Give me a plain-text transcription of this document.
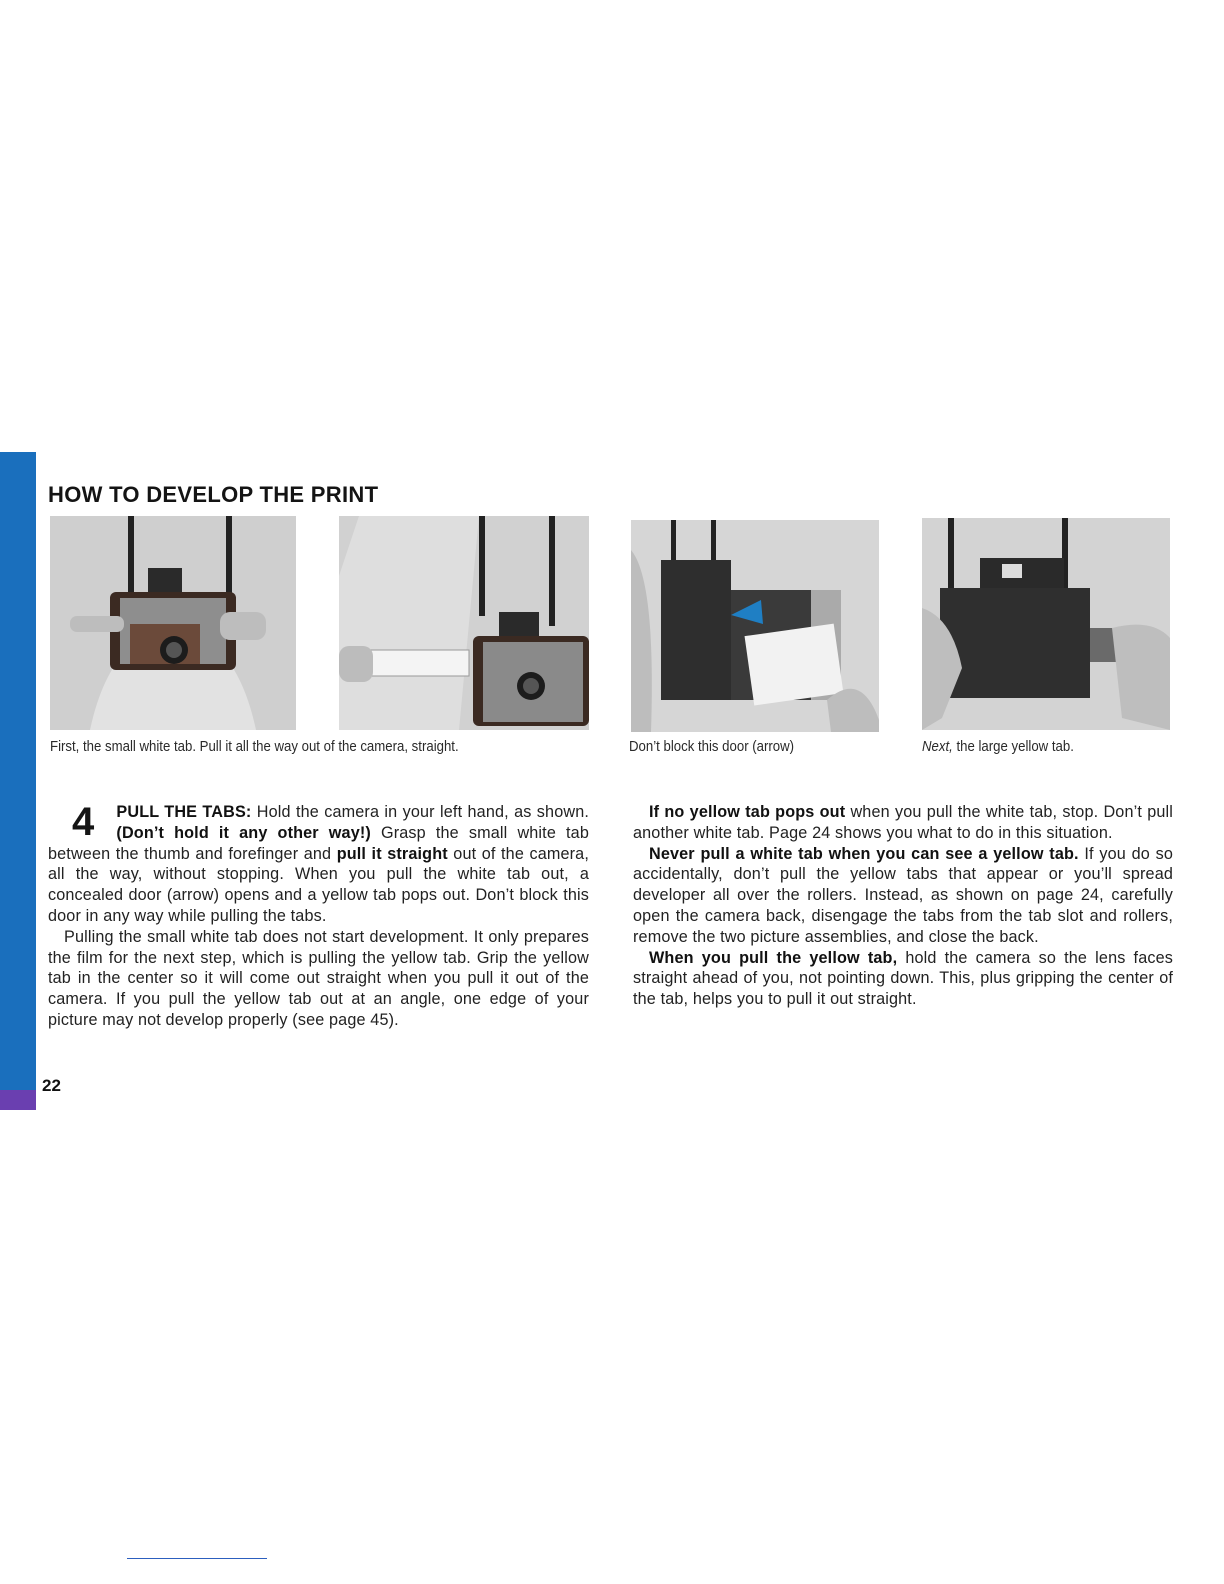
HOW TO DEVELOP THE PRINT

First, the small white tab. Pull it all the way out of the camera, straight.	Don’t block this door (arrow)	Next, the large yellow tab.

4 PULL THE TABS: Hold the camera in your left hand, as shown. (Don’t hold it any other way!) Grasp the small white tab between the thumb and forefinger and pull it straight out of the camera, all the way, without stopping. When you pull the white tab out, a concealed door (arrow) opens and a yellow tab pops out. Don’t block this door in any way while pulling the tabs.

Pulling the small white tab does not start development. It only prepares the film for the next step, which is pulling the yellow tab. Grip the yellow tab in the center so it will come out straight when you pull it out of the camera. If you pull the yellow tab out at an angle, one edge of your picture may not develop properly (see page 45).

22

If no yellow tab pops out when you pull the white tab, stop. Don’t pull another white tab. Page 24 shows you what to do in this situation.

Never pull a white tab when you can see a yellow tab. If you do so accidentally, don’t pull the yellow tabs that appear or you’ll spread developer all over the rollers. Instead, as shown on page 24, carefully open the camera back, disengage the tabs from the tab slot and rollers, remove the two picture assemblies, and close the back.

When you pull the yellow tab, hold the camera so the lens faces straight ahead of you, not pointing down. This, plus gripping the center of the tab, helps you to pull it out straight.
